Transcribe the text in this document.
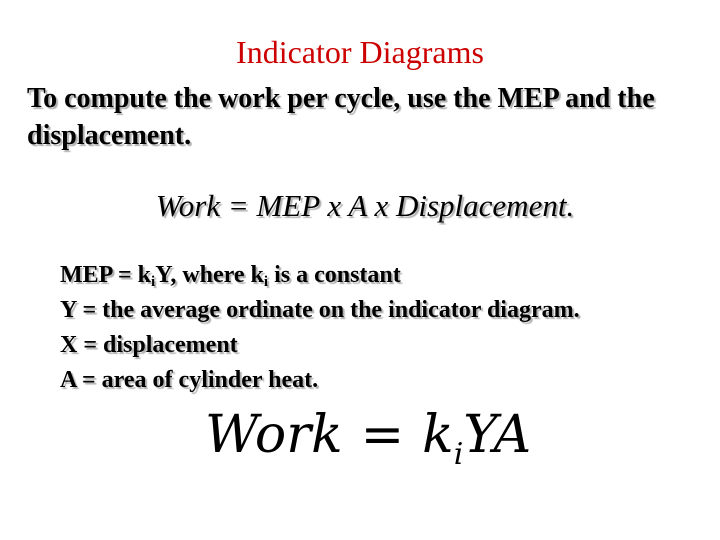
Indicator Diagrams
To compute the work per cycle, use the MEP and the displacement.
Work = MEP x A x Displacement.
MEP = $k_iY$, where $k_i$ is a constant
Y = the average ordinate on the indicator diagram.
X = displacement
A = area of cylinder heat.
Work = $k_iYA$
